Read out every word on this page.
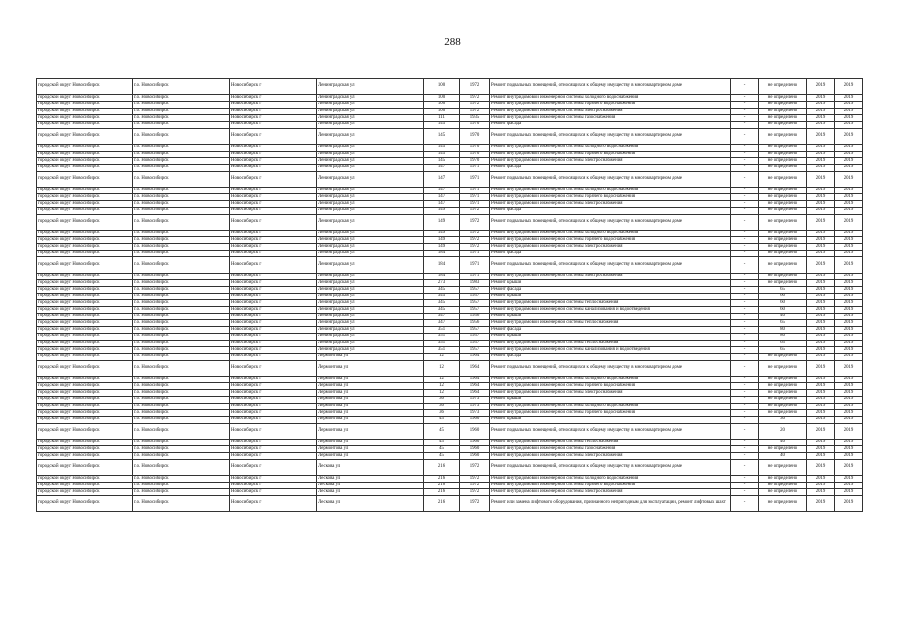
288
городской округ Новосибирск	г.о. Новосибирск	Новосибирск г	Ленинградская ул	100	1972	Ремонт подвальных помещений, относящихся к общему имуществу в многоквартирном доме	-	не определено	2019	2019
городской округ Новосибирск	г.о. Новосибирск	Новосибирск г	Ленинградская ул	100	1972	Ремонт внутридомовой инженерной системы холодного водоснабжения	-	не определено	2019	2019
городской округ Новосибирск	г.о. Новосибирск	Новосибирск г	Ленинградская ул	100	1972	Ремонт внутридомовой инженерной системы горячего водоснабжения	-	не определено	2019	2019
городской округ Новосибирск	г.о. Новосибирск	Новосибирск г	Ленинградская ул	100	1972	Ремонт внутридомовой инженерной системы электроснабжения	-	не определено	2019	2019
городской округ Новосибирск	г.о. Новосибирск	Новосибирск г	Ленинградская ул	111	1935	Ремонт внутридомовой инженерной системы газоснабжения	-	не определено	2019	2019
городской округ Новосибирск	г.о. Новосибирск	Новосибирск г	Ленинградская ул	145	1970	Ремонт фасада	-	не определено	2019	2019
городской округ Новосибирск	г.о. Новосибирск	Новосибирск г	Ленинградская ул	145	1970	Ремонт подвальных помещений, относящихся к общему имуществу в многоквартирном доме	-	не определено	2019	2019
городской округ Новосибирск	г.о. Новосибирск	Новосибирск г	Ленинградская ул	145	1970	Ремонт внутридомовой инженерной системы холодного водоснабжения	-	не определено	2019	2019
городской округ Новосибирск	г.о. Новосибирск	Новосибирск г	Ленинградская ул	145	1970	Ремонт внутридомовой инженерной системы горячего водоснабжения	-	не определено	2019	2019
городской округ Новосибирск	г.о. Новосибирск	Новосибирск г	Ленинградская ул	145	1970	Ремонт внутридомовой инженерной системы электроснабжения	-	не определено	2019	2019
городской округ Новосибирск	г.о. Новосибирск	Новосибирск г	Ленинградская ул	147	1971	Ремонт фасада	-	не определено	2019	2019
городской округ Новосибирск	г.о. Новосибирск	Новосибирск г	Ленинградская ул	147	1971	Ремонт подвальных помещений, относящихся к общему имуществу в многоквартирном доме	-	не определено	2019	2019
городской округ Новосибирск	г.о. Новосибирск	Новосибирск г	Ленинградская ул	147	1971	Ремонт внутридомовой инженерной системы холодного водоснабжения	-	не определено	2019	2019
городской округ Новосибирск	г.о. Новосибирск	Новосибирск г	Ленинградская ул	147	1971	Ремонт внутридомовой инженерной системы горячего водоснабжения	-	не определено	2019	2019
городской округ Новосибирск	г.о. Новосибирск	Новосибирск г	Ленинградская ул	147	1971	Ремонт внутридомовой инженерной системы электроснабжения	-	не определено	2019	2019
городской округ Новосибирск	г.о. Новосибирск	Новосибирск г	Ленинградская ул	149	1972	Ремонт фасада	-	не определено	2019	2019
городской округ Новосибирск	г.о. Новосибирск	Новосибирск г	Ленинградская ул	149	1972	Ремонт подвальных помещений, относящихся к общему имуществу в многоквартирном доме	-	не определено	2019	2019
городской округ Новосибирск	г.о. Новосибирск	Новосибирск г	Ленинградская ул	149	1972	Ремонт внутридомовой инженерной системы холодного водоснабжения	-	не определено	2019	2019
городской округ Новосибирск	г.о. Новосибирск	Новосибирск г	Ленинградская ул	149	1972	Ремонт внутридомовой инженерной системы горячего водоснабжения	-	не определено	2019	2019
городской округ Новосибирск	г.о. Новосибирск	Новосибирск г	Ленинградская ул	149	1972	Ремонт внутридомовой инженерной системы электроснабжения	-	не определено	2019	2019
городской округ Новосибирск	г.о. Новосибирск	Новосибирск г	Ленинградская ул	184	1971	Ремонт фасада	-	не определено	2019	2019
городской округ Новосибирск	г.о. Новосибирск	Новосибирск г	Ленинградская ул	184	1971	Ремонт подвальных помещений, относящихся к общему имуществу в многоквартирном доме	-	не определено	2019	2019
городской округ Новосибирск	г.о. Новосибирск	Новосибирск г	Ленинградская ул	184	1971	Ремонт внутридомовой инженерной системы электроснабжения	-	не определено	2019	2019
городской округ Новосибирск	г.о. Новосибирск	Новосибирск г	Ленинградская ул	273	1983	Ремонт крыши	-	не определено	2019	2019
городской округ Новосибирск	г.о. Новосибирск	Новосибирск г	Ленинградская ул	345	1957	Ремонт фасада	-	65	2019	2019
городской округ Новосибирск	г.о. Новосибирск	Новосибирск г	Ленинградская ул	345	1957	Ремонт крыши	-	60	2019	2019
городской округ Новосибирск	г.о. Новосибирск	Новосибирск г	Ленинградская ул	345	1957	Ремонт внутридомовой инженерной системы теплоснабжения	-	60	2019	2019
городской округ Новосибирск	г.о. Новосибирск	Новосибирск г	Ленинградская ул	345	1957	Ремонт внутридомовой инженерной системы канализования и водоотведения	-	60	2019	2019
городской округ Новосибирск	г.о. Новосибирск	Новосибирск г	Ленинградская ул	347	1956	Ремонт крыши	-	40	2019	2019
городской округ Новосибирск	г.о. Новосибирск	Новосибирск г	Ленинградская ул	347	1956	Ремонт внутридомовой инженерной системы теплоснабжения	-	65	2019	2019
городской округ Новосибирск	г.о. Новосибирск	Новосибирск г	Ленинградская ул	351	1957	Ремонт фасада	-	80	2019	2019
городской округ Новосибирск	г.о. Новосибирск	Новосибирск г	Ленинградская ул	351	1957	Ремонт крыши	-	80	2019	2019
городской округ Новосибирск	г.о. Новосибирск	Новосибирск г	Ленинградская ул	351	1957	Ремонт внутридомовой инженерной системы теплоснабжения	-	65	2019	2019
городской округ Новосибирск	г.о. Новосибирск	Новосибирск г	Ленинградская ул	351	1957	Ремонт внутридомовой инженерной системы канализования и водоотведения	-	65	2019	2019
городской округ Новосибирск	г.о. Новосибирск	Новосибирск г	Лермонтова ул	12	1964	Ремонт фасада	-	не определено	2019	2019
городской округ Новосибирск	г.о. Новосибирск	Новосибирск г	Лермонтова ул	12	1964	Ремонт подвальных помещений, относящихся к общему имуществу в многоквартирном доме	-	не определено	2019	2019
городской округ Новосибирск	г.о. Новосибирск	Новосибирск г	Лермонтова ул	12	1964	Ремонт внутридомовой инженерной системы холодного водоснабжения	-	не определено	2019	2019
городской округ Новосибирск	г.о. Новосибирск	Новосибирск г	Лермонтова ул	12	1964	Ремонт внутридомовой инженерной системы горячего водоснабжения	-	не определено	2019	2019
городской округ Новосибирск	г.о. Новосибирск	Новосибирск г	Лермонтова ул	12	1964	Ремонт внутридомовой инженерной системы электроснабжения	-	не определено	2019	2019
городской округ Новосибирск	г.о. Новосибирск	Новосибирск г	Лермонтова ул	36	1973	Ремонт крыши	-	не определено	2019	2019
городской округ Новосибирск	г.о. Новосибирск	Новосибирск г	Лермонтова ул	36	1973	Ремонт внутридомовой инженерной системы холодного водоснабжения	-	не определено	2019	2019
городской округ Новосибирск	г.о. Новосибирск	Новосибирск г	Лермонтова ул	36	1973	Ремонт внутридомовой инженерной системы горячего водоснабжения	-	не определено	2019	2019
городской округ Новосибирск	г.о. Новосибирск	Новосибирск г	Лермонтова ул	45	1960	Ремонт крыши	-	30	2019	2019
городской округ Новосибирск	г.о. Новосибирск	Новосибирск г	Лермонтова ул	45	1960	Ремонт подвальных помещений, относящихся к общему имуществу в многоквартирном доме	-	20	2019	2019
городской округ Новосибирск	г.о. Новосибирск	Новосибирск г	Лермонтова ул	45	1960	Ремонт внутридомовой инженерной системы теплоснабжения	-	40	2019	2019
городской округ Новосибирск	г.о. Новосибирск	Новосибирск г	Лермонтова ул	45	1960	Ремонт внутридомовой инженерной системы газоснабжения	-	не определено	2019	2019
городской округ Новосибирск	г.о. Новосибирск	Новосибирск г	Лермонтова ул	45	1960	Ремонт внутридомовой инженерной системы электроснабжения	-	40	2019	2019
городской округ Новосибирск	г.о. Новосибирск	Новосибирск г	Лескова ул	216	1972	Ремонт подвальных помещений, относящихся к общему имуществу в многоквартирном доме	-	не определено	2019	2019
городской округ Новосибирск	г.о. Новосибирск	Новосибирск г	Лескова ул	216	1972	Ремонт внутридомовой инженерной системы холодного водоснабжения	-	не определено	2019	2019
городской округ Новосибирск	г.о. Новосибирск	Новосибирск г	Лескова ул	216	1972	Ремонт внутридомовой инженерной системы горячего водоснабжения	-	не определено	2019	2019
городской округ Новосибирск	г.о. Новосибирск	Новосибирск г	Лескова ул	216	1972	Ремонт внутридомовой инженерной системы электроснабжения	-	не определено	2019	2019
городской округ Новосибирск	г.о. Новосибирск	Новосибирск г	Лескова ул	216	1972	Ремонт или замена лифтового оборудования, признанного непригодным для эксплуатации, ремонт лифтовых шахт	-	не определено	2019	2019
